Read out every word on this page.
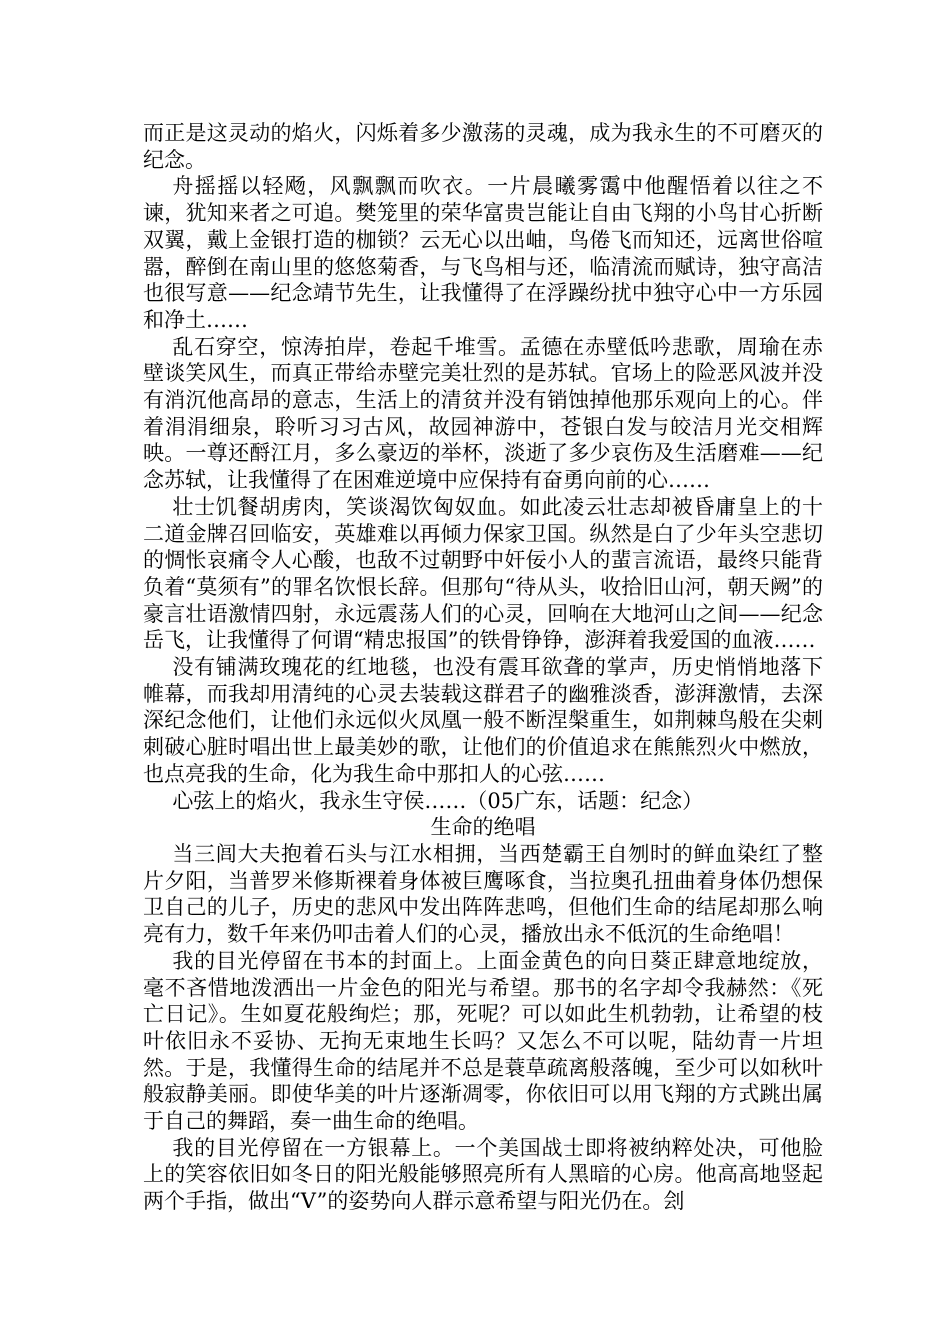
而正是这灵动的焰火，闪烁着多少激荡的灵魂，成为我永生的不可磨灭的纪念。

舟摇摇以轻飏，风飘飘而吹衣。一片晨曦雾霭中他醒悟着以往之不谏，犹知来者之可追。樊笼里的荣华富贵岂能让自由飞翔的小鸟甘心折断双翼，戴上金银打造的枷锁？云无心以出岫，鸟倦飞而知还，远离世俗喧嚣，醉倒在南山里的悠悠菊香，与飞鸟相与还，临清流而赋诗，独守高洁也很写意——纪念靖节先生，让我懂得了在浮躁纷扰中独守心中一方乐园和净土……

乱石穿空，惊涛拍岸，卷起千堆雪。孟德在赤壁低吟悲歌，周瑜在赤壁谈笑风生，而真正带给赤壁完美壮烈的是苏轼。官场上的险恶风波并没有消沉他高昂的意志，生活上的清贫并没有销蚀掉他那乐观向上的心。伴着涓涓细泉，聆听习习古风，故园神游中，苍银白发与皎洁月光交相辉映。一尊还酹江月，多么豪迈的举杯，淡逝了多少哀伤及生活磨难——纪念苏轼，让我懂得了在困难逆境中应保持有奋勇向前的心……

壮士饥餐胡虏肉，笑谈渴饮匈奴血。如此凌云壮志却被昏庸皇上的十二道金牌召回临安，英雄难以再倾力保家卫国。纵然是白了少年头空悲切的惆怅哀痛令人心酸，也敌不过朝野中奸佞小人的蜚言流语，最终只能背负着“莫须有”的罪名饮恨长辞。但那句“待从头，收拾旧山河，朝天阙”的豪言壮语激情四射，永远震荡人们的心灵，回响在大地河山之间——纪念岳飞，让我懂得了何谓“精忠报国”的铁骨铮铮，澎湃着我爱国的血液……

没有铺满玫瑰花的红地毯，也没有震耳欲聋的掌声，历史悄悄地落下帷幕，而我却用清纯的心灵去装载这群君子的幽雅淡香，澎湃激情，去深深纪念他们，让他们永远似火凤凰一般不断涅槃重生，如荆棘鸟般在尖刺刺破心脏时唱出世上最美妙的歌，让他们的价值追求在熊熊烈火中燃放，也点亮我的生命，化为我生命中那扣人的心弦……

心弦上的焰火，我永生守侯……（05广东，话题：纪念）

生命的绝唱

当三闾大夫抱着石头与江水相拥，当西楚霸王自刎时的鲜血染红了整片夕阳，当普罗米修斯裸着身体被巨鹰啄食，当拉奥孔扭曲着身体仍想保卫自己的儿子，历史的悲风中发出阵阵悲鸣，但他们生命的结尾却那么响亮有力，数千年来仍叩击着人们的心灵，播放出永不低沉的生命绝唱！

我的目光停留在书本的封面上。上面金黄色的向日葵正肆意地绽放，毫不吝惜地泼洒出一片金色的阳光与希望。那书的名字却令我赫然：《死亡日记》。生如夏花般绚烂；那，死呢？可以如此生机勃勃，让希望的枝叶依旧永不妥协、无拘无束地生长吗？又怎么不可以呢，陆幼青一片坦然。于是，我懂得生命的结尾并不总是蓑草疏离般落魄，至少可以如秋叶般寂静美丽。即使华美的叶片逐渐凋零，你依旧可以用飞翔的方式跳出属于自己的舞蹈，奏一曲生命的绝唱。

我的目光停留在一方银幕上。一个美国战士即将被纳粹处决，可他脸上的笑容依旧如冬日的阳光般能够照亮所有人黑暗的心房。他高高地竖起两个手指，做出“V”的姿势向人群示意希望与阳光仍在。刽
